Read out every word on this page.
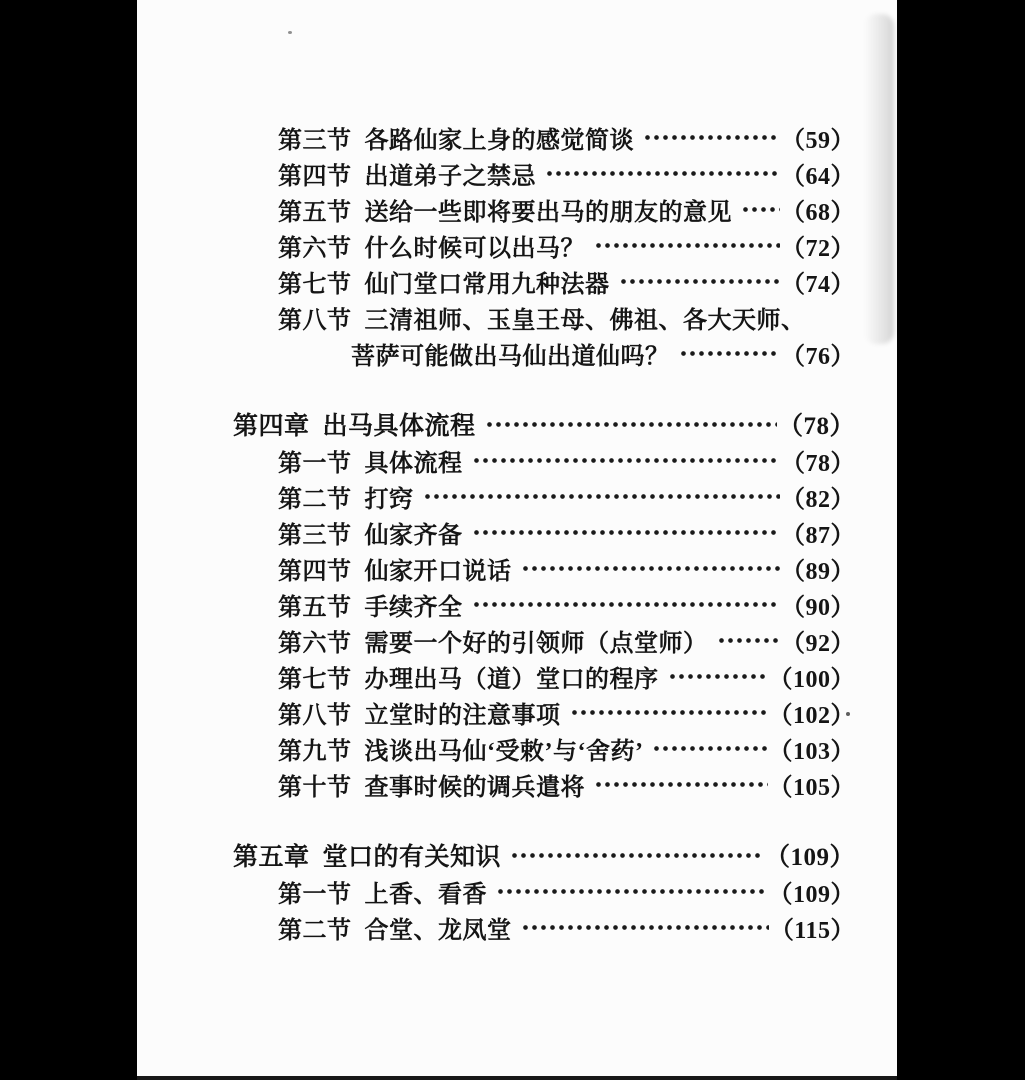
第三节 各路仙家上身的感觉简谈	（59）
第四节 出道弟子之禁忌	（64）
第五节 送给一些即将要出马的朋友的意见 （68）
第六节 什么时候可以出马？	（72）
第七节 仙门堂口常用九种法器	（74）
第八节 三清祖师、玉皇王母、佛祖、各大天师、
菩萨可能做出马仙出道仙吗？	（76）
第四章 出马具体流程	（78）
第一节 具体流程	（78）
第二节 打窍	（82）
第三节 仙家齐备	（87）
第四节 仙家开口说话	（89）
第五节 手续齐全	（90）
第六节 需要一个好的引领师（点堂师）	（92）
第七节 办理出马（道）堂口的程序	（100）
第八节 立堂时的注意事项	（102）
第九节 浅谈出马仙‘受敕’与‘舍药’	（103）
第十节 查事时候的调兵遣将	（105）
第五章 堂口的有关知识	（109）
第一节 上香、看香	（109）
第二节 合堂、龙凤堂	（115）
